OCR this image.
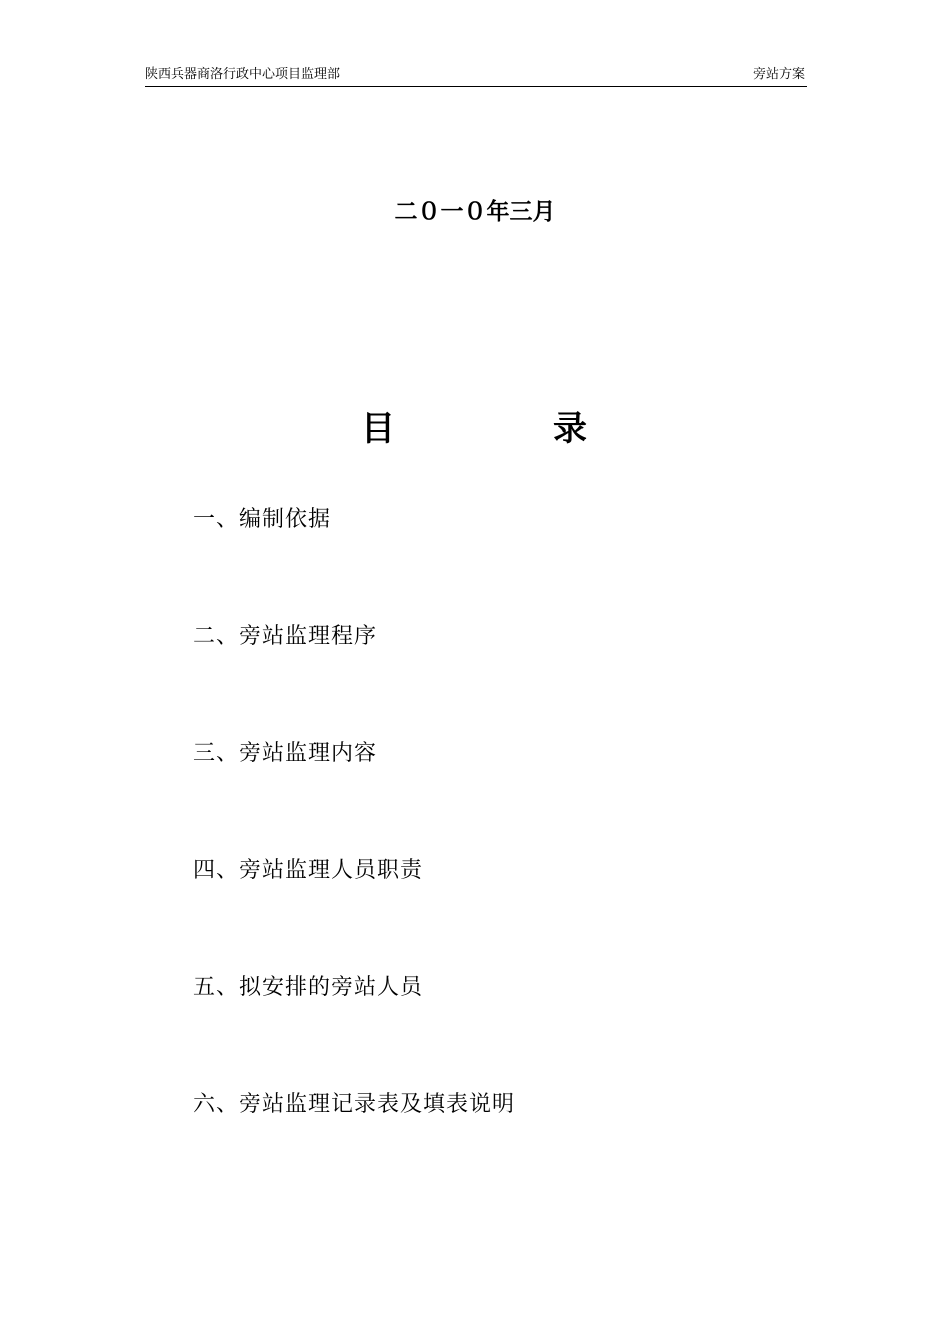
陕西兵器商洛行政中心项目监理部	旁站方案
二０一０年三月
目	录
一、编制依据
二、旁站监理程序
三、旁站监理内容
四、旁站监理人员职责
五、拟安排的旁站人员
六、旁站监理记录表及填表说明
